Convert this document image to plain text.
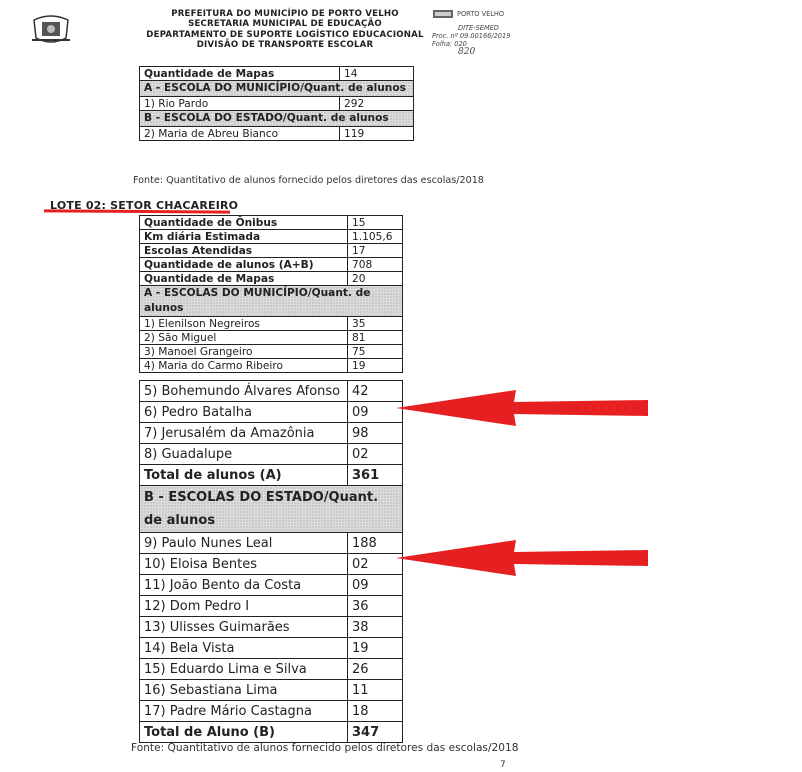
PREFEITURA DO MUNICÍPIO DE PORTO VELHO
SECRETARIA MUNICIPAL DE EDUCAÇÃO
DEPARTAMENTO DE SUPORTE LOGÍSTICO EDUCACIONAL
DIVISÃO DE TRANSPORTE ESCOLAR
PORTO VELHO
DITE-SEMED
Proc. nº 09.00166/2019
Folha: 020
820
Quantidade de Mapas	14
A - ESCOLA DO MUNICÍPIO/Quant. de alunos	
1) Rio Pardo	292
B - ESCOLA DO ESTADO/Quant. de alunos	
2) Maria de Abreu Bianco	119
Fonte: Quantitativo de alunos fornecido pelos diretores das escolas/2018
LOTE 02: SETOR CHACAREIRO
Quantidade de Ônibus	15
Km diária Estimada	1.105,6
Escolas Atendidas	17
Quantidade de alunos (A+B)	708
Quantidade de Mapas	20
A - ESCOLAS DO MUNICÍPIO/Quant. de alunos	
1) Elenilson Negreiros	35
2) São Miguel	81
3) Manoel Grangeiro	75
4) Maria do Carmo Ribeiro	19
5) Bohemundo Álvares Afonso	42
6) Pedro Batalha	09
7) Jerusalém da Amazônia	98
8) Guadalupe	02
Total de alunos (A)	361
B - ESCOLAS DO ESTADO/Quant. de alunos	
9) Paulo Nunes Leal	188
10) Eloisa Bentes	02
11) João Bento da Costa	09
12) Dom Pedro I	36
13) Ulisses Guimarães	38
14) Bela Vista	19
15) Eduardo Lima e Silva	26
16) Sebastiana Lima	11
17) Padre Mário Castagna	18
Total de Aluno (B)	347
Fonte: Quantitativo de alunos fornecido pelos diretores das escolas/2018
7
